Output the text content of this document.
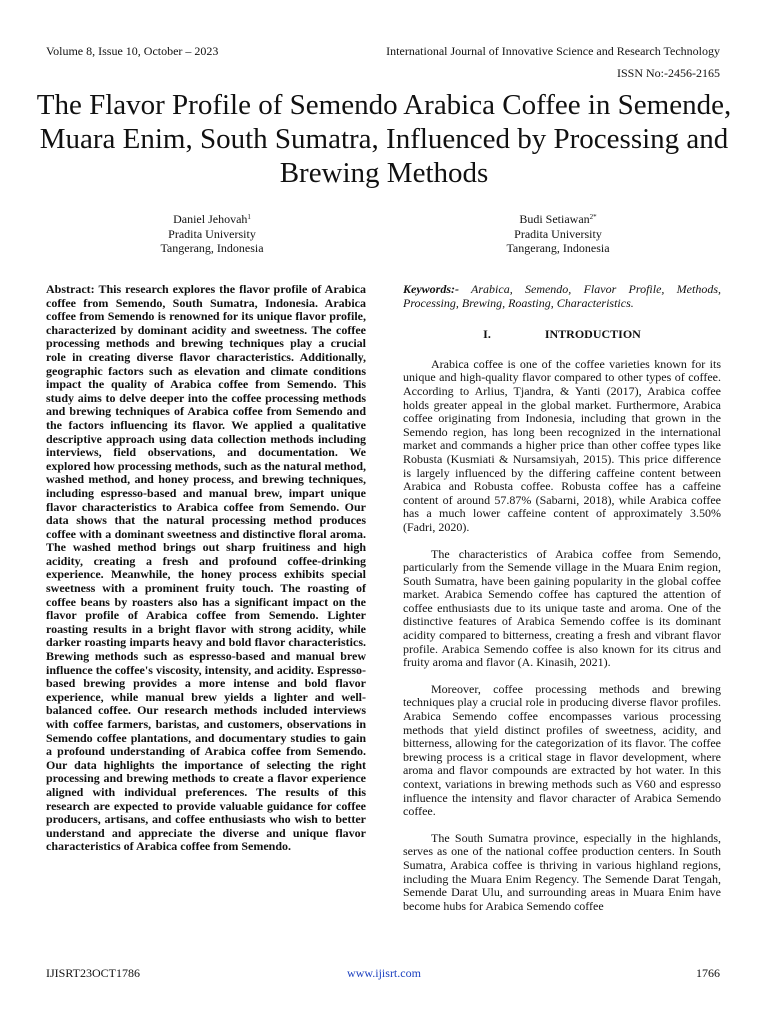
Volume 8, Issue 10, October – 2023	International Journal of Innovative Science and Research Technology
ISSN No:-2456-2165
The Flavor Profile of Semendo Arabica Coffee in Semende, Muara Enim, South Sumatra, Influenced by Processing and Brewing Methods
Daniel Jehovah$^1$
Pradita University
Tangerang, Indonesia
Budi Setiawan$^{2*}$
Pradita University
Tangerang, Indonesia

Abstract: This research explores the flavor profile of Arabica coffee from Semendo, South Sumatra, Indonesia. Arabica coffee from Semendo is renowned for its unique flavor profile, characterized by dominant acidity and sweetness. The coffee processing methods and brewing techniques play a crucial role in creating diverse flavor characteristics. Additionally, geographic factors such as elevation and climate conditions impact the quality of Arabica coffee from Semendo. This study aims to delve deeper into the coffee processing methods and brewing techniques of Arabica coffee from Semendo and the factors influencing its flavor. We applied a qualitative descriptive approach using data collection methods including interviews, field observations, and documentation. We explored how processing methods, such as the natural method, washed method, and honey process, and brewing techniques, including espresso-based and manual brew, impart unique flavor characteristics to Arabica coffee from Semendo. Our data shows that the natural processing method produces coffee with a dominant sweetness and distinctive floral aroma. The washed method brings out sharp fruitiness and high acidity, creating a fresh and profound coffee-drinking experience. Meanwhile, the honey process exhibits special sweetness with a prominent fruity touch. The roasting of coffee beans by roasters also has a significant impact on the flavor profile of Arabica coffee from Semendo. Lighter roasting results in a bright flavor with strong acidity, while darker roasting imparts heavy and bold flavor characteristics. Brewing methods such as espresso-based and manual brew influence the coffee's viscosity, intensity, and acidity. Espresso-based brewing provides a more intense and bold flavor experience, while manual brew yields a lighter and well-balanced coffee. Our research methods included interviews with coffee farmers, baristas, and customers, observations in Semendo coffee plantations, and documentary studies to gain a profound understanding of Arabica coffee from Semendo. Our data highlights the importance of selecting the right processing and brewing methods to create a flavor experience aligned with individual preferences. The results of this research are expected to provide valuable guidance for coffee producers, artisans, and coffee enthusiasts who wish to better understand and appreciate the diverse and unique flavor characteristics of Arabica coffee from Semendo.

Keywords:- Arabica, Semendo, Flavor Profile, Methods, Processing, Brewing, Roasting, Characteristics.

I.	INTRODUCTION

Arabica coffee is one of the coffee varieties known for its unique and high-quality flavor compared to other types of coffee. According to Arlius, Tjandra, & Yanti (2017), Arabica coffee holds greater appeal in the global market. Furthermore, Arabica coffee originating from Indonesia, including that grown in the Semendo region, has long been recognized in the international market and commands a higher price than other coffee types like Robusta (Kusmiati & Nursamsiyah, 2015). This price difference is largely influenced by the differing caffeine content between Arabica and Robusta coffee. Robusta coffee has a caffeine content of around 57.87% (Sabarni, 2018), while Arabica coffee has a much lower caffeine content of approximately 3.50% (Fadri, 2020).

The characteristics of Arabica coffee from Semendo, particularly from the Semende village in the Muara Enim region, South Sumatra, have been gaining popularity in the global coffee market. Arabica Semendo coffee has captured the attention of coffee enthusiasts due to its unique taste and aroma. One of the distinctive features of Arabica Semendo coffee is its dominant acidity compared to bitterness, creating a fresh and vibrant flavor profile. Arabica Semendo coffee is also known for its citrus and fruity aroma and flavor (A. Kinasih, 2021).

Moreover, coffee processing methods and brewing techniques play a crucial role in producing diverse flavor profiles. Arabica Semendo coffee encompasses various processing methods that yield distinct profiles of sweetness, acidity, and bitterness, allowing for the categorization of its flavor. The coffee brewing process is a critical stage in flavor development, where aroma and flavor compounds are extracted by hot water. In this context, variations in brewing methods such as V60 and espresso influence the intensity and flavor character of Arabica Semendo coffee.

The South Sumatra province, especially in the highlands, serves as one of the national coffee production centers. In South Sumatra, Arabica coffee is thriving in various highland regions, including the Muara Enim Regency. The Semende Darat Tengah, Semende Darat Ulu, and surrounding areas in Muara Enim have become hubs for Arabica Semendo coffee

IJISRT23OCT1786	www.ijisrt.com	1766
